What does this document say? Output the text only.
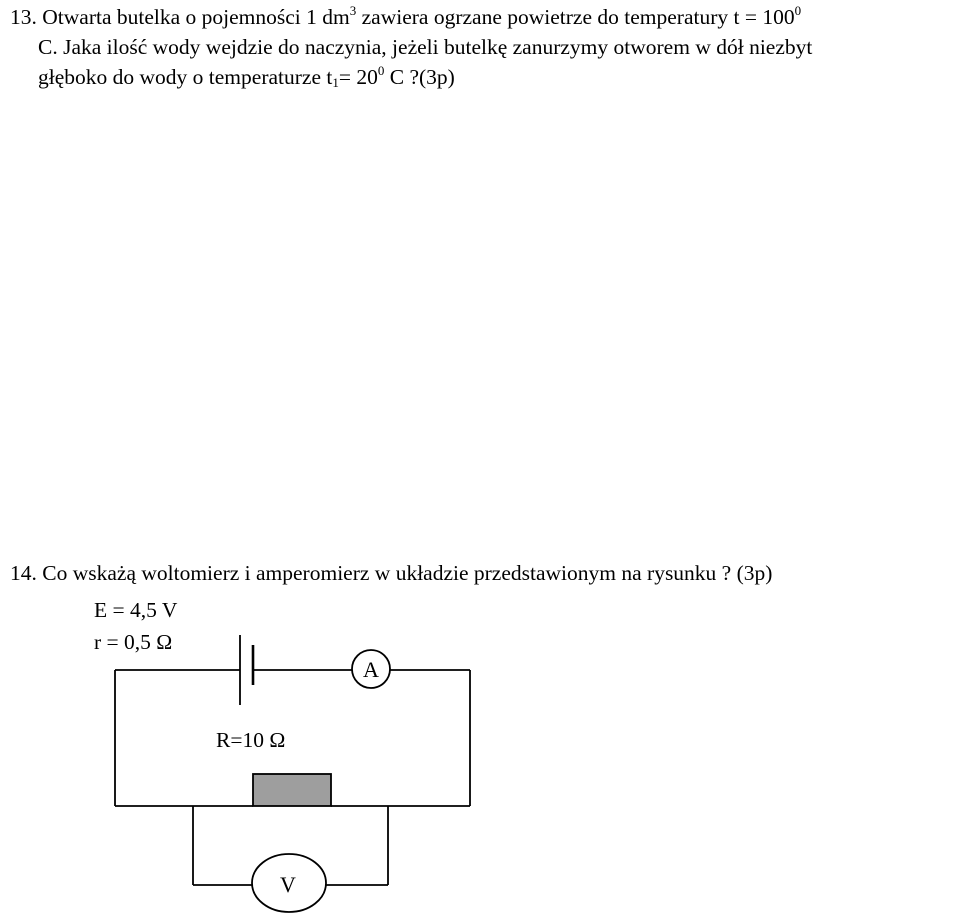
13. Otwarta butelka o pojemności 1 $dm^3$ zawiera ogrzane powietrze do temperatury $t = 100^0$
C. Jaka ilość wody wejdzie do naczynia, jeżeli butelkę zanurzymy otworem w dół niezbyt
głęboko do wody o temperaturze $t_1= 20^0$ C ?(3p)
14. Co wskażą woltomierz i amperomierz w układzie przedstawionym na rysunku ? (3p)
E = 4,5 V
r = 0,5 Ω
A
R=10 Ω
V
